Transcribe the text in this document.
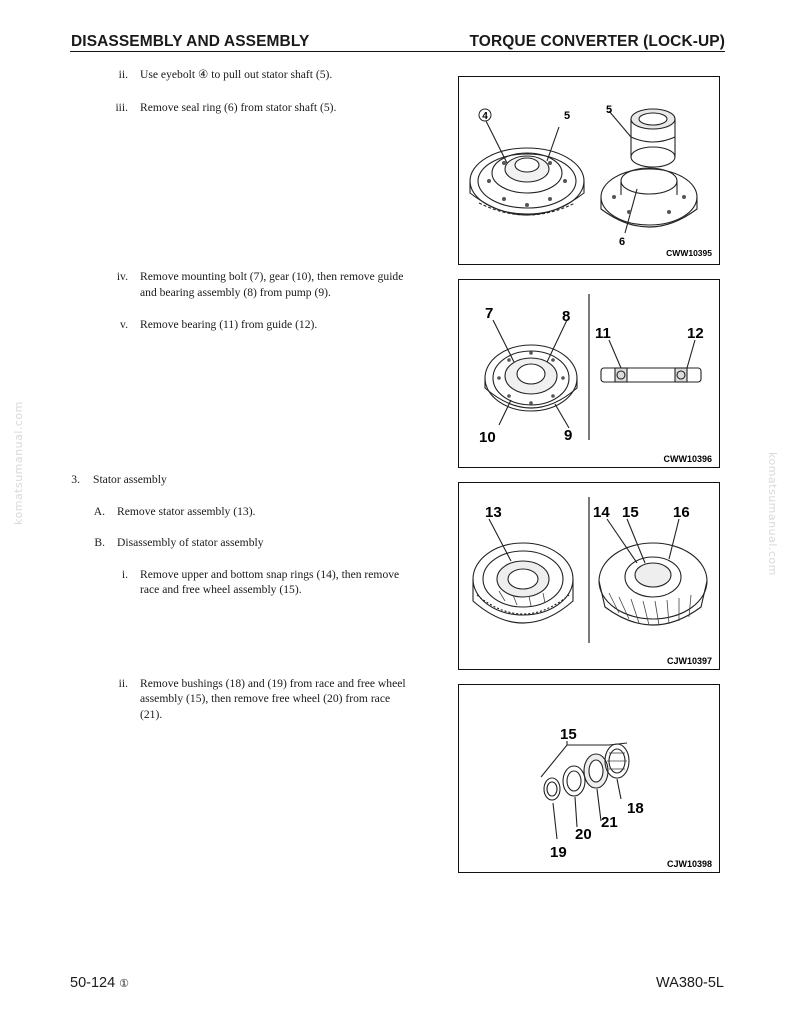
DISASSEMBLY AND ASSEMBLY	TORQUE CONVERTER (LOCK-UP)
komatsumanual.com	komatsumanual.com
ii. Use eyebolt ④ to pull out stator shaft (5).
iii. Remove seal ring (6) from stator shaft (5).
iv. Remove mounting bolt (7), gear (10), then remove guide
and bearing assembly (8) from pump (9).
v. Remove bearing (11) from guide (12).
3. Stator assembly
A. Remove stator assembly (13).
B. Disassembly of stator assembly
i. Remove upper and bottom snap rings (14), then remove
race and free wheel assembly (15).
ii. Remove bushings (18) and (19) from race and free wheel
assembly (15), then remove free wheel (20) from race
(21).
4	5	5
6
CWW10395
7	8
9
10
11	12
CWW10396
13	14 15 16
CJW10397
15
18
19
20
21
CJW10398
50-124 ①	WA380-5L
